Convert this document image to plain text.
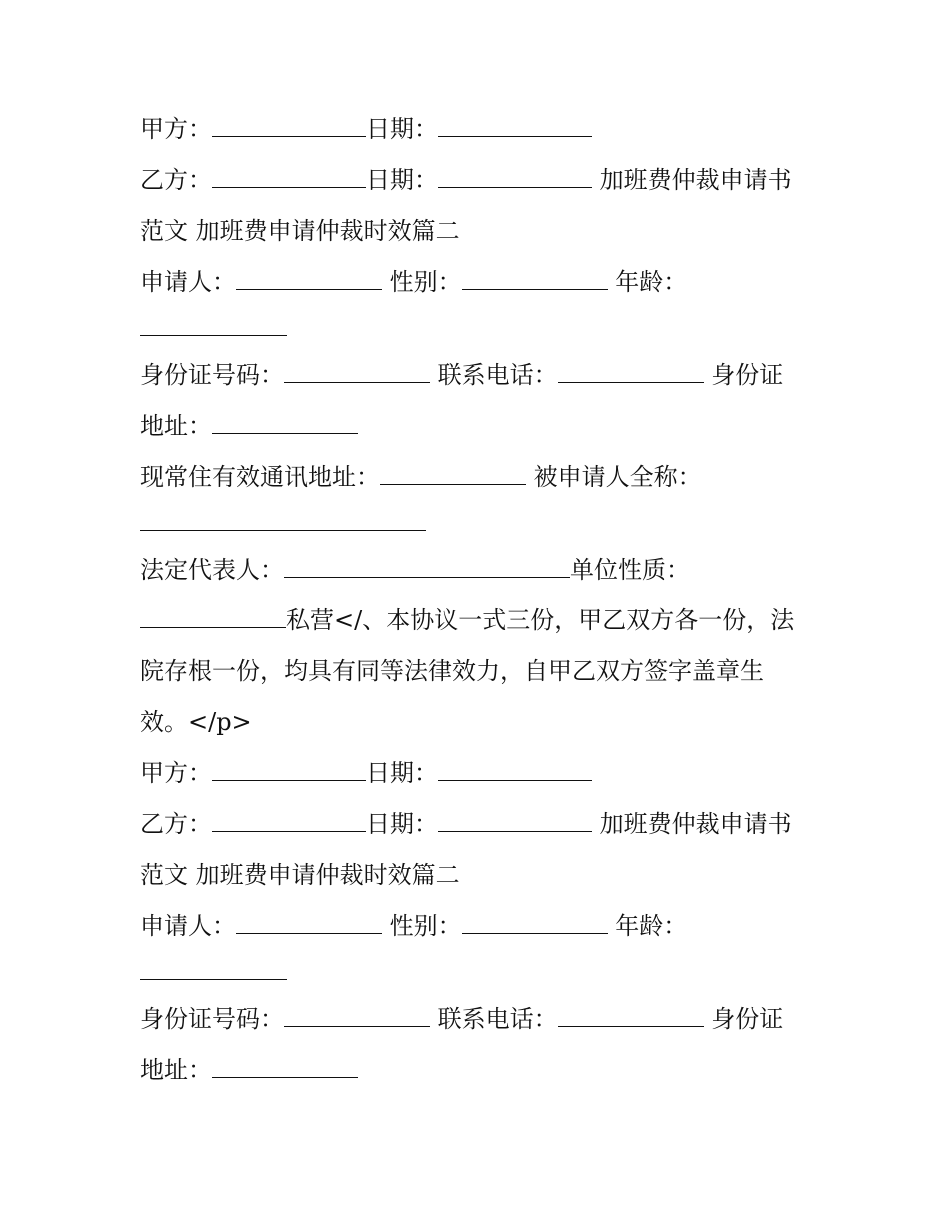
甲方：	日期：
乙方：	日期：	加班费仲裁申请书
范文 加班费申请仲裁时效篇二
申请人：	性别：	年龄：
身份证号码：	联系电话：	身份证
地址：
现常住有效通讯地址：	被申请人全称：
法定代表人：	单位性质：
私营</、本协议一式三份，甲乙双方各一份，法
院存根一份，均具有同等法律效力，自甲乙双方签字盖章生
效。</p>
甲方：	日期：
乙方：	日期：	加班费仲裁申请书
范文 加班费申请仲裁时效篇二
申请人：	性别：	年龄：
身份证号码：	联系电话：	身份证
地址：
